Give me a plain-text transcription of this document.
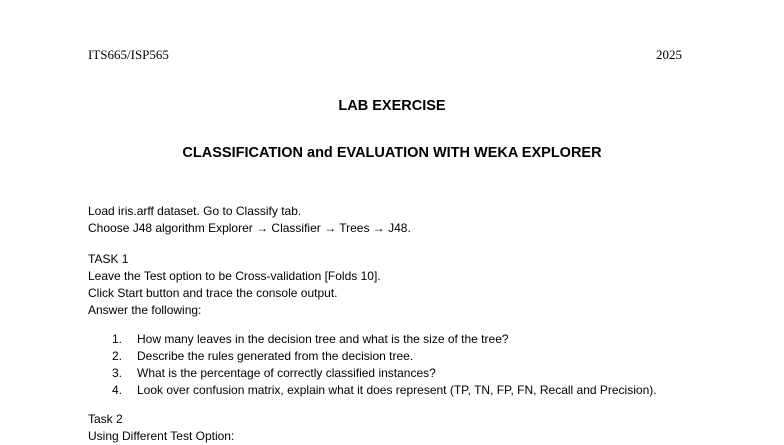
ITS665/ISP565	2025
LAB EXERCISE
CLASSIFICATION and EVALUATION WITH WEKA EXPLORER
Load iris.arff dataset. Go to Classify tab.
Choose J48 algorithm Explorer → Classifier → Trees → J48.
TASK 1
Leave the Test option to be Cross-validation [Folds 10].
Click Start button and trace the console output.
Answer the following:
1.	How many leaves in the decision tree and what is the size of the tree?
2.	Describe the rules generated from the decision tree.
3.	What is the percentage of correctly classified instances?
4.	Look over confusion matrix, explain what it does represent (TP, TN, FP, FN, Recall and Precision).
Task 2
Using Different Test Option:
